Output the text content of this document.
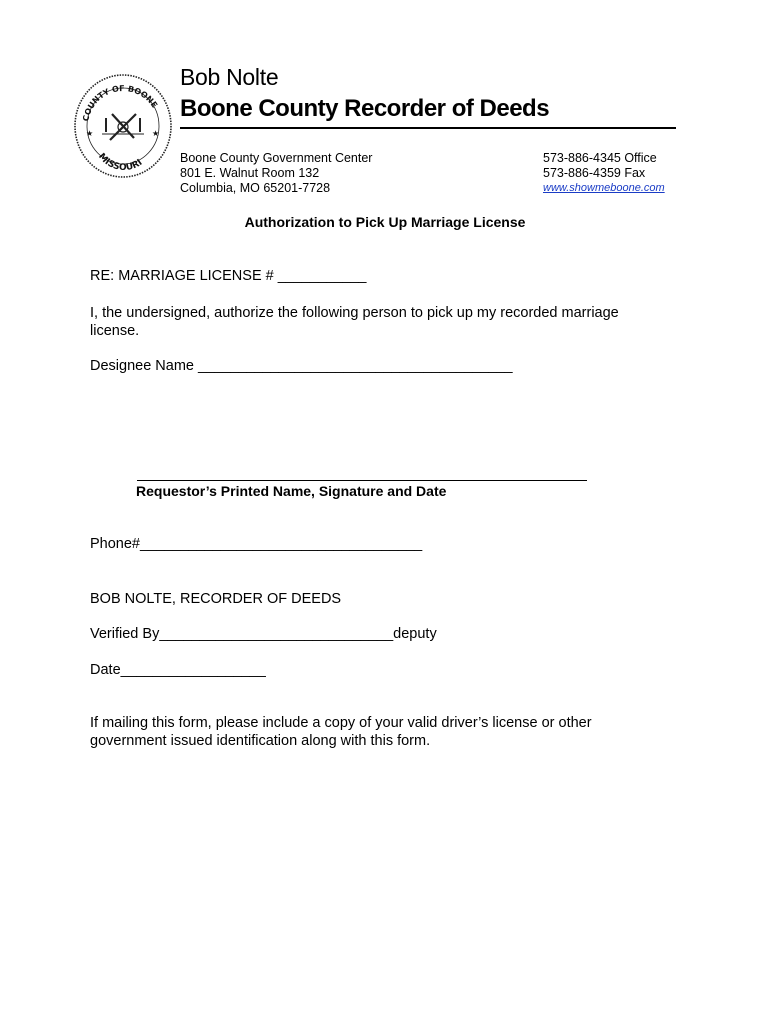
COUNTY OF BOONE
MISSOURI
★	★
Bob Nolte
Boone County Recorder of Deeds
Boone County Government Center
801 E. Walnut Room 132
Columbia, MO 65201-7728
573-886-4345 Office
573-886-4359 Fax
www.showmeboone.com
Authorization to Pick Up Marriage License
RE: MARRIAGE LICENSE # ___________
I, the undersigned, authorize the following person to pick up my recorded marriage
license.
Designee Name _______________________________________
Requestor’s Printed Name, Signature and Date
Phone#___________________________________
BOB NOLTE, RECORDER OF DEEDS
Verified By_____________________________deputy
Date__________________
If mailing this form, please include a copy of your valid driver’s license or other
government issued identification along with this form.
